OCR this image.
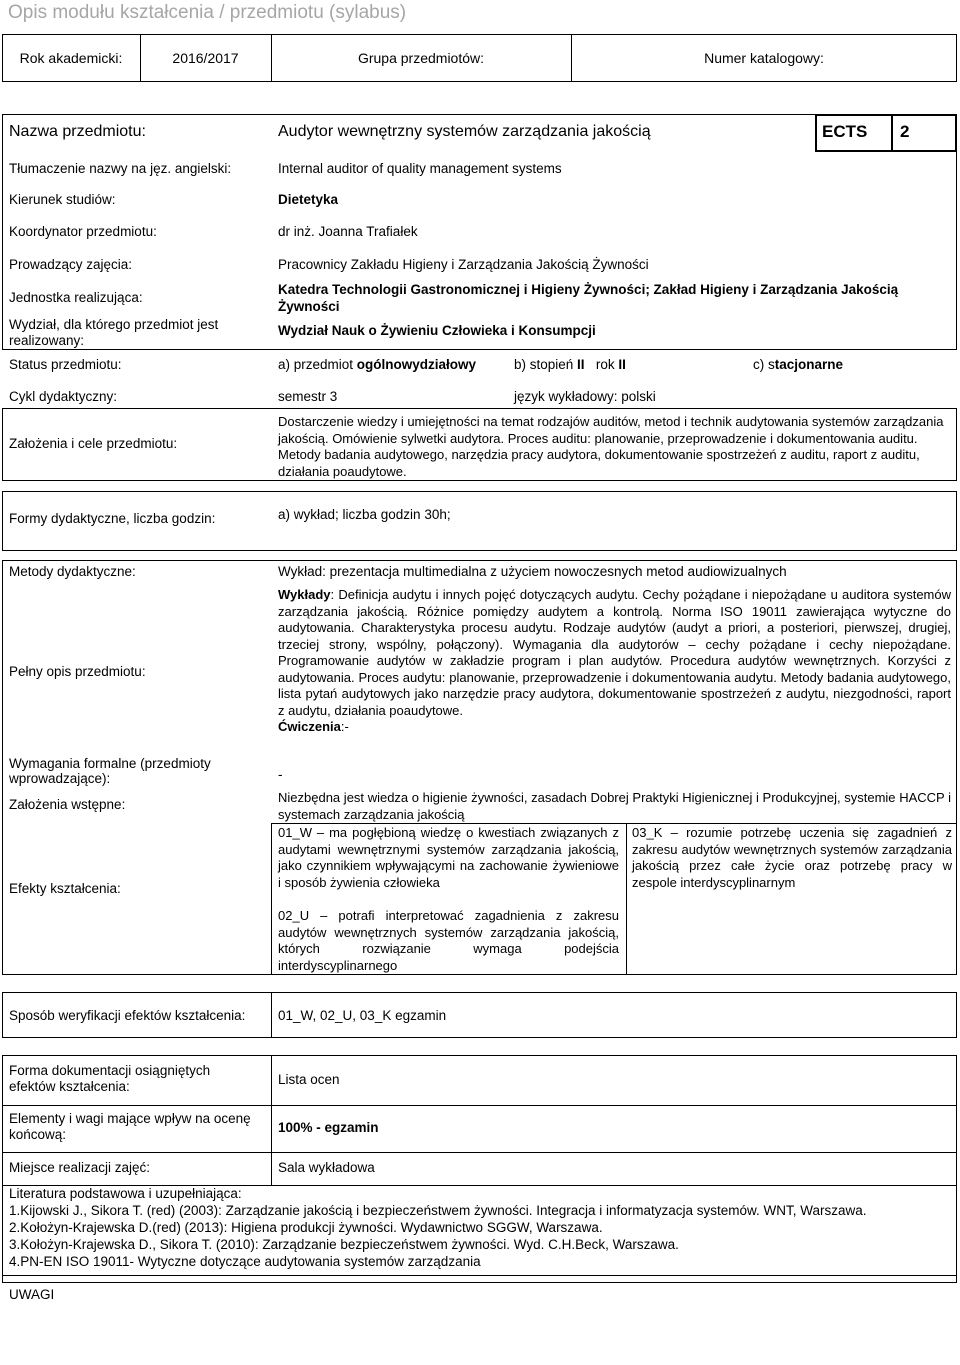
Opis modułu kształcenia / przedmiotu (sylabus)
Rok akademicki:	2016/2017	Grupa przedmiotów:	Numer katalogowy:
Nazwa przedmiotu:	Audytor wewnętrzny systemów zarządzania jakością	ECTS 2
Tłumaczenie nazwy na jęz. angielski:	Internal auditor of quality management systems
Kierunek studiów:	Dietetyka
Koordynator przedmiotu:	dr inż. Joanna Trafiałek
Prowadzący zajęcia:	Pracownicy Zakładu Higieny i Zarządzania Jakością Żywności
Jednostka realizująca:
Katedra Technologii Gastronomicznej i Higieny Żywności; Zakład Higieny i Zarządzania Jakością Żywności
Wydział, dla którego przedmiot jest realizowany:
Wydział Nauk o Żywieniu Człowieka i Konsumpcji
Status przedmiotu:	a) przedmiot ogólnowydziałowy	b) stopień II rok II	c) stacjonarne
Cykl dydaktyczny:	semestr 3	język wykładowy: polski
Założenia i cele przedmiotu:
Dostarczenie wiedzy i umiejętności na temat rodzajów auditów, metod i technik audytowania systemów zarządzania jakością. Omówienie sylwetki audytora. Proces auditu: planowanie, przeprowadzenie i dokumentowania auditu. Metody badania audytowego, narzędzia pracy audytora, dokumentowanie spostrzeżeń z auditu, raport z auditu, działania poaudytowe.
Formy dydaktyczne, liczba godzin:	a) wykład; liczba godzin 30h;
Metody dydaktyczne:	Wykład: prezentacja multimedialna z użyciem nowoczesnych metod audiowizualnych
Pełny opis przedmiotu:
Wykłady: Definicja audytu i innych pojęć dotyczących audytu. Cechy pożądane i niepożądane u auditora systemów zarządzania jakością. Różnice pomiędzy audytem a kontrolą. Norma ISO 19011 zawierająca wytyczne do audytowania. Charakterystyka procesu audytu. Rodzaje audytów (audyt a priori, a posteriori, pierwszej, drugiej, trzeciej strony, wspólny, połączony). Wymagania dla audytorów – cechy pożądane i cechy niepożądane. Programowanie audytów w zakładzie program i plan audytów. Procedura audytów wewnętrznych. Korzyści z audytowania. Proces audytu: planowanie, przeprowadzenie i dokumentowania audytu. Metody badania audytowego, lista pytań audytowych jako narzędzie pracy audytora, dokumentowanie spostrzeżeń z audytu, niezgodności, raport z audytu, działania poaudytowe.
Ćwiczenia:-
Wymagania formalne (przedmioty wprowadzające):	-
Założenia wstępne:	Niezbędna jest wiedza o higienie żywności, zasadach Dobrej Praktyki Higienicznej i Produkcyjnej, systemie HACCP i systemach zarządzania jakością
Efekty kształcenia:
01_W – ma pogłębioną wiedzę o kwestiach związanych z audytami wewnętrznymi systemów zarządzania jakością, jako czynnikiem wpływającymi na zachowanie żywieniowe i sposób żywienia człowieka
02_U – potrafi interpretować zagadnienia z zakresu audytów wewnętrznych systemów zarządzania jakością, których rozwiązanie wymaga podejścia interdyscyplinarnego
03_K – rozumie potrzebę uczenia się zagadnień z zakresu audytów wewnętrznych systemów zarządzania jakością przez całe życie oraz potrzebę pracy w zespole interdyscyplinarnym
Sposób weryfikacji efektów kształcenia: 01_W, 02_U, 03_K egzamin
Forma dokumentacji osiągniętych efektów kształcenia:	Lista ocen
Elementy i wagi mające wpływ na ocenę końcową:	100% - egzamin
Miejsce realizacji zajęć:	Sala wykładowa
Literatura podstawowa i uzupełniająca:
1.Kijowski J., Sikora T. (red) (2003): Zarządzanie jakością i bezpieczeństwem żywności. Integracja i informatyzacja systemów. WNT, Warszawa.
2.Kołożyn-Krajewska D.(red) (2013): Higiena produkcji żywności. Wydawnictwo SGGW, Warszawa.
3.Kołożyn-Krajewska D., Sikora T. (2010): Zarządzanie bezpieczeństwem żywności. Wyd. C.H.Beck, Warszawa.
4.PN-EN ISO 19011- Wytyczne dotyczące audytowania systemów zarządzania
UWAGI
